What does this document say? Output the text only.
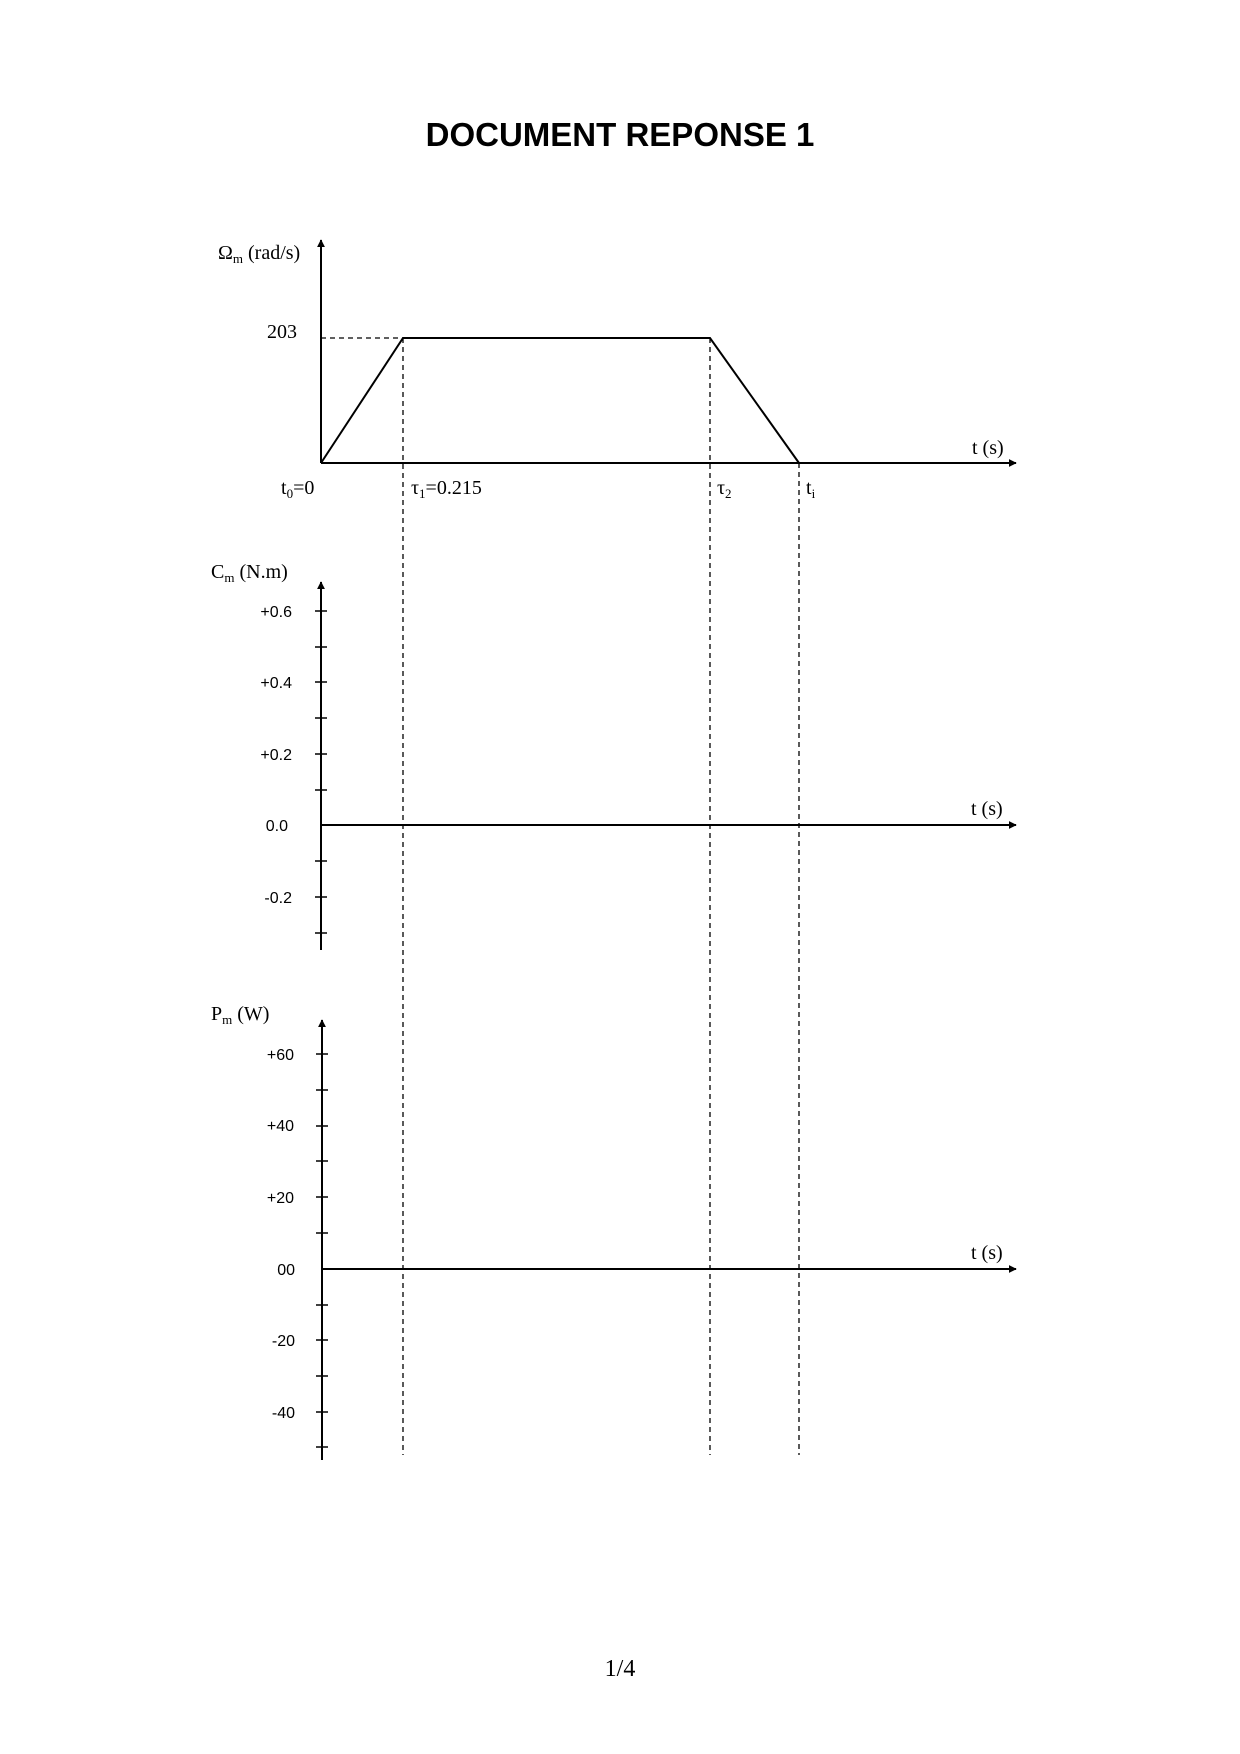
DOCUMENT REPONSE 1
$\Omega_m$ (rad/s)
203
t (s)
$t_0=0$	$\tau_1=0.215$	$\tau_2$	$t_i$
$C_m$ (N.m)
+0.6
+0.4
+0.2
0.0
-0.2
t (s)
$P_m$ (W)
+60
+40
+20
00
-20
-40
t (s)
1/4
